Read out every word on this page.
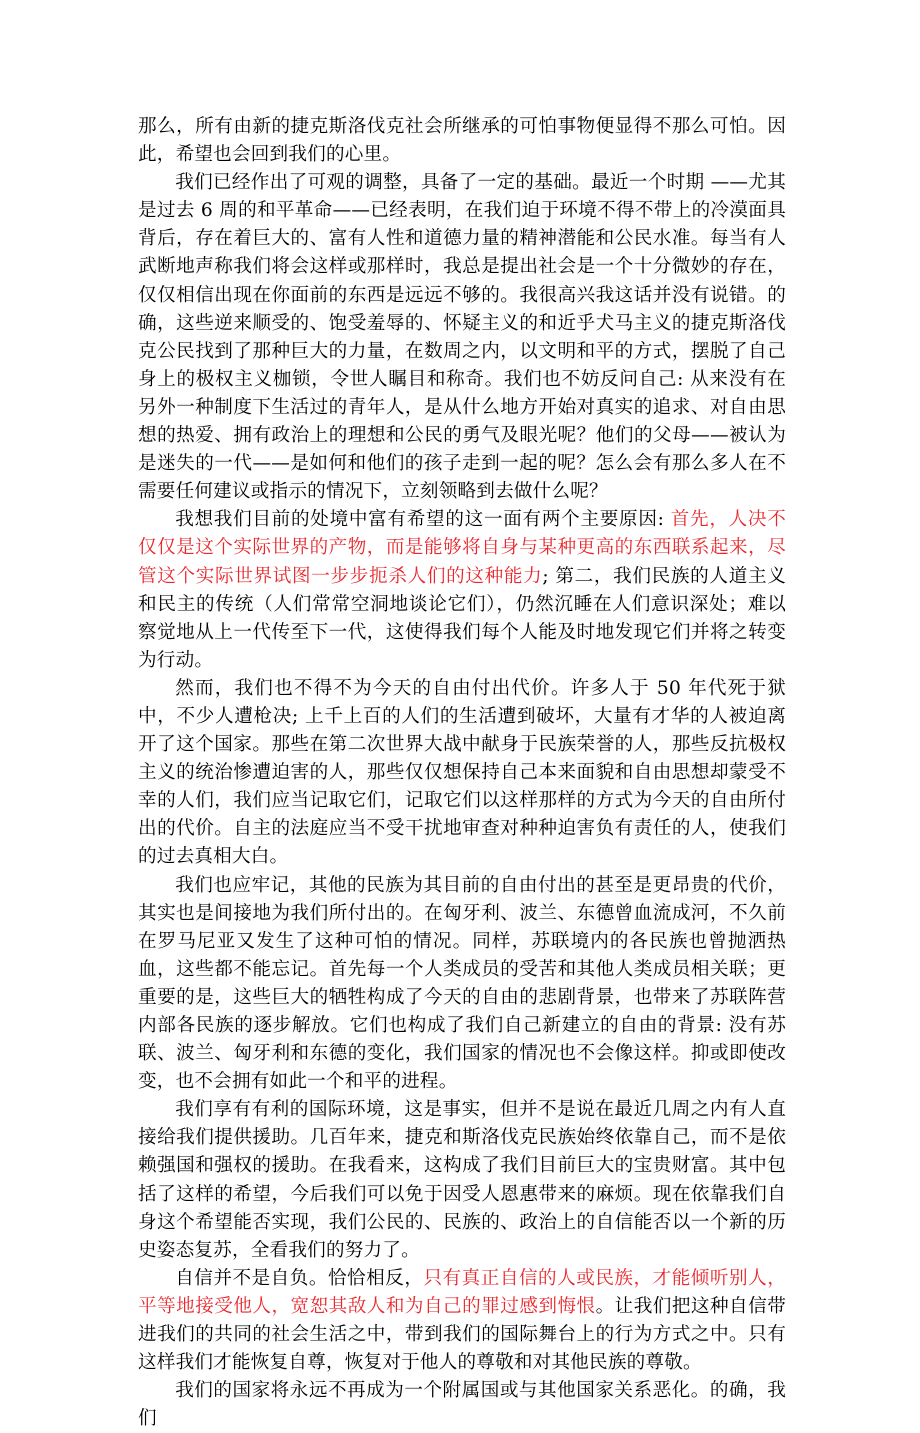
那么，所有由新的捷克斯洛伐克社会所继承的可怕事物便显得不那么可怕。因此，希望也会回到我们的心里。

我们已经作出了可观的调整，具备了一定的基础。最近一个时期 ——尤其是过去 6 周的和平革命——已经表明，在我们迫于环境不得不带上的冷漠面具背后，存在着巨大的、富有人性和道德力量的精神潜能和公民水准。每当有人武断地声称我们将会这样或那样时，我总是提出社会是一个十分微妙的存在，仅仅相信出现在你面前的东西是远远不够的。我很高兴我这话并没有说错。的确，这些逆来顺受的、饱受羞辱的、怀疑主义的和近乎犬马主义的捷克斯洛伐克公民找到了那种巨大的力量，在数周之内，以文明和平的方式，摆脱了自己身上的极权主义枷锁，令世人瞩目和称奇。我们也不妨反问自己: 从来没有在另外一种制度下生活过的青年人，是从什么地方开始对真实的追求、对自由思想的热爱、拥有政治上的理想和公民的勇气及眼光呢？他们的父母——被认为是迷失的一代——是如何和他们的孩子走到一起的呢？怎么会有那么多人在不需要任何建议或指示的情况下，立刻领略到去做什么呢？

我想我们目前的处境中富有希望的这一面有两个主要原因: 首先，人决不仅仅是这个实际世界的产物，而是能够将自身与某种更高的东西联系起来，尽管这个实际世界试图一步步扼杀人们的这种能力; 第二，我们民族的人道主义和民主的传统（人们常常空洞地谈论它们），仍然沉睡在人们意识深处；难以察觉地从上一代传至下一代，这使得我们每个人能及时地发现它们并将之转变为行动。

然而，我们也不得不为今天的自由付出代价。许多人于 50 年代死于狱中，不少人遭枪决; 上千上百的人们的生活遭到破坏，大量有才华的人被迫离开了这个国家。那些在第二次世界大战中献身于民族荣誉的人，那些反抗极权主义的统治惨遭迫害的人，那些仅仅想保持自己本来面貌和自由思想却蒙受不幸的人们，我们应当记取它们，记取它们以这样那样的方式为今天的自由所付出的代价。自主的法庭应当不受干扰地审查对种种迫害负有责任的人，使我们的过去真相大白。

我们也应牢记，其他的民族为其目前的自由付出的甚至是更昂贵的代价，其实也是间接地为我们所付出的。在匈牙利、波兰、东德曾血流成河，不久前在罗马尼亚又发生了这种可怕的情况。同样，苏联境内的各民族也曾抛洒热血，这些都不能忘记。首先每一个人类成员的受苦和其他人类成员相关联；更重要的是，这些巨大的牺牲构成了今天的自由的悲剧背景，也带来了苏联阵营内部各民族的逐步解放。它们也构成了我们自己新建立的自由的背景: 没有苏联、波兰、匈牙利和东德的变化，我们国家的情况也不会像这样。抑或即使改变，也不会拥有如此一个和平的进程。

我们享有有利的国际环境，这是事实，但并不是说在最近几周之内有人直接给我们提供援助。几百年来，捷克和斯洛伐克民族始终依靠自己，而不是依赖强国和强权的援助。在我看来，这构成了我们目前巨大的宝贵财富。其中包括了这样的希望，今后我们可以免于因受人恩惠带来的麻烦。现在依靠我们自身这个希望能否实现，我们公民的、民族的、政治上的自信能否以一个新的历史姿态复苏，全看我们的努力了。

自信并不是自负。恰恰相反，只有真正自信的人或民族，才能倾听别人，平等地接受他人，宽恕其敌人和为自己的罪过感到悔恨。让我们把这种自信带进我们的共同的社会生活之中，带到我们的国际舞台上的行为方式之中。只有这样我们才能恢复自尊，恢复对于他人的尊敬和对其他民族的尊敬。

我们的国家将永远不再成为一个附属国或与其他国家关系恶化。的确，我们
